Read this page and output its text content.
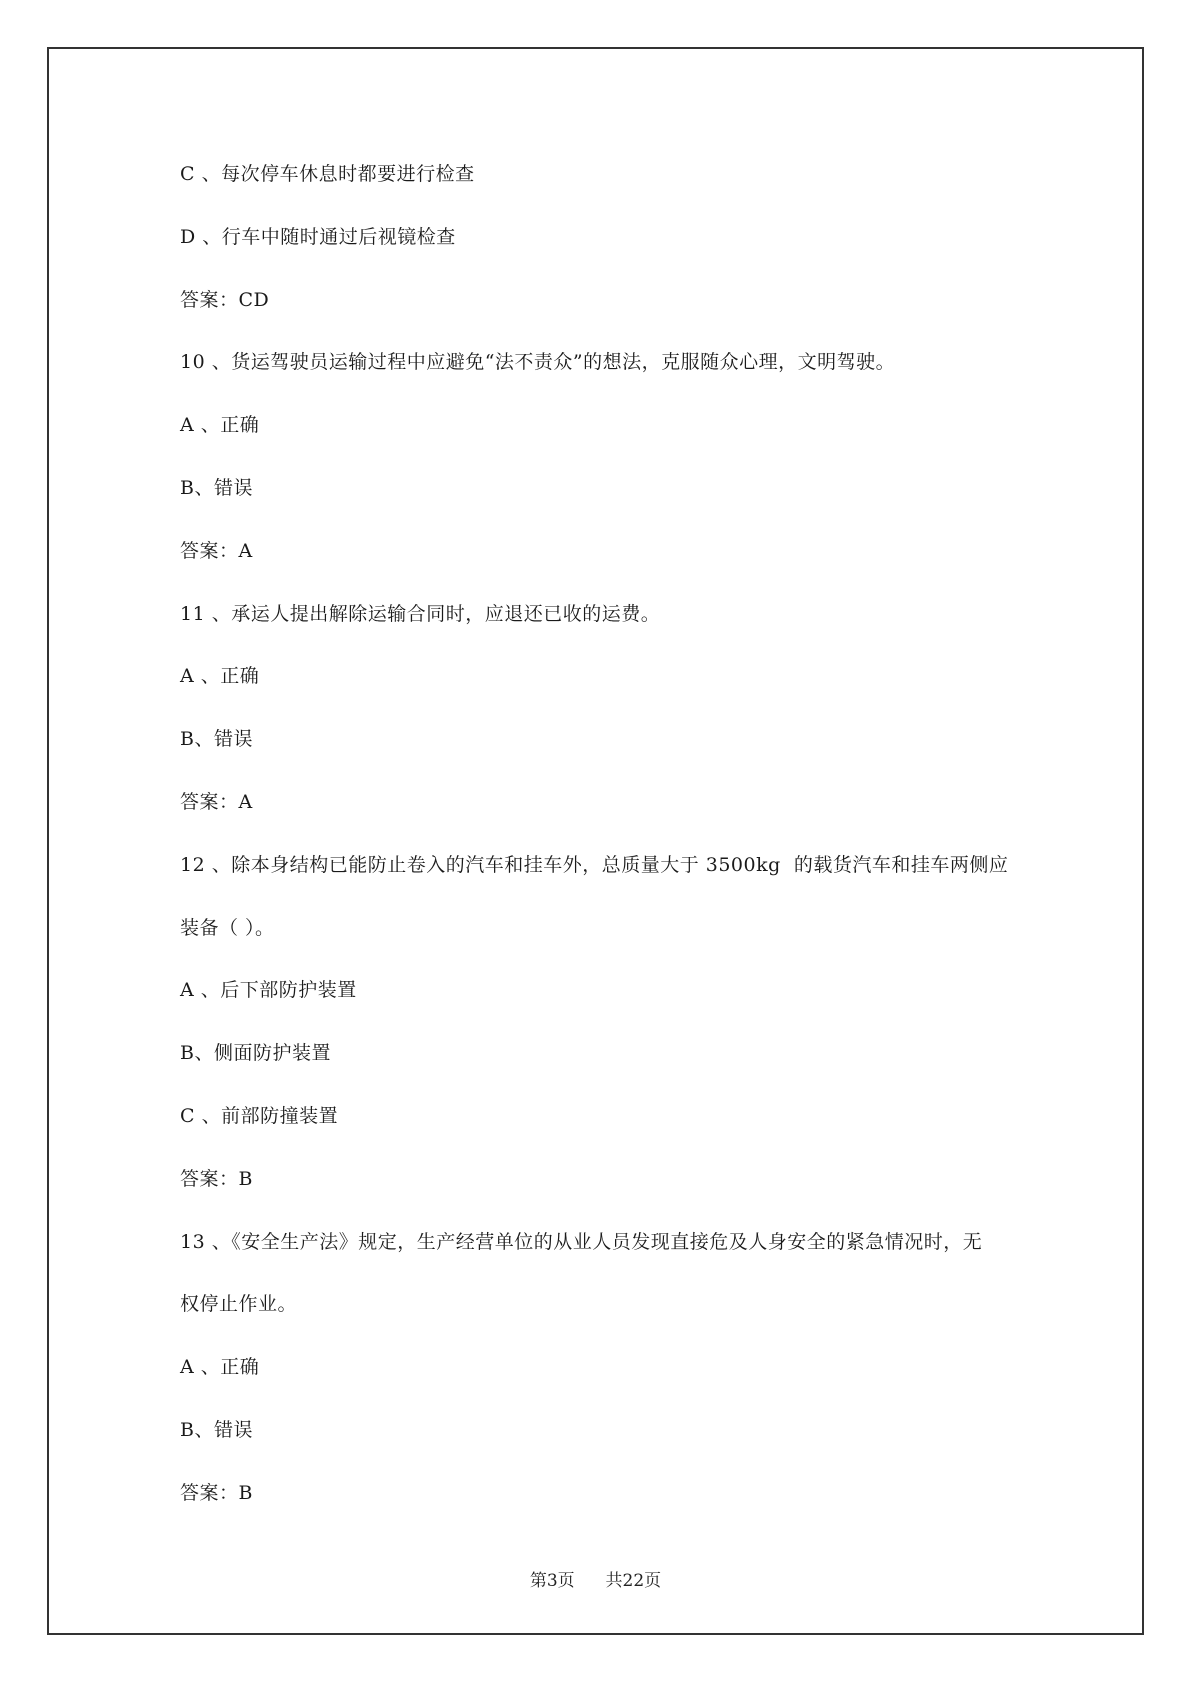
C 、每次停车休息时都要进行检查
D 、行车中随时通过后视镜检查
答案：CD
10 、货运驾驶员运输过程中应避免“法不责众”的想法，克服随众心理，文明驾驶。
A 、正确
B、错误
答案：A
11 、承运人提出解除运输合同时，应退还已收的运费。
A 、正确
B、错误
答案：A
12 、除本身结构已能防止卷入的汽车和挂车外，总质量大于 3500kg  的载货汽车和挂车两侧应
装备（ ）。
A 、后下部防护装置
B、侧面防护装置
C 、前部防撞装置
答案：B
13 、《安全生产法》规定，生产经营单位的从业人员发现直接危及人身安全的紧急情况时，无
权停止作业。
A 、正确
B、错误
答案：B
第3页 共22页
